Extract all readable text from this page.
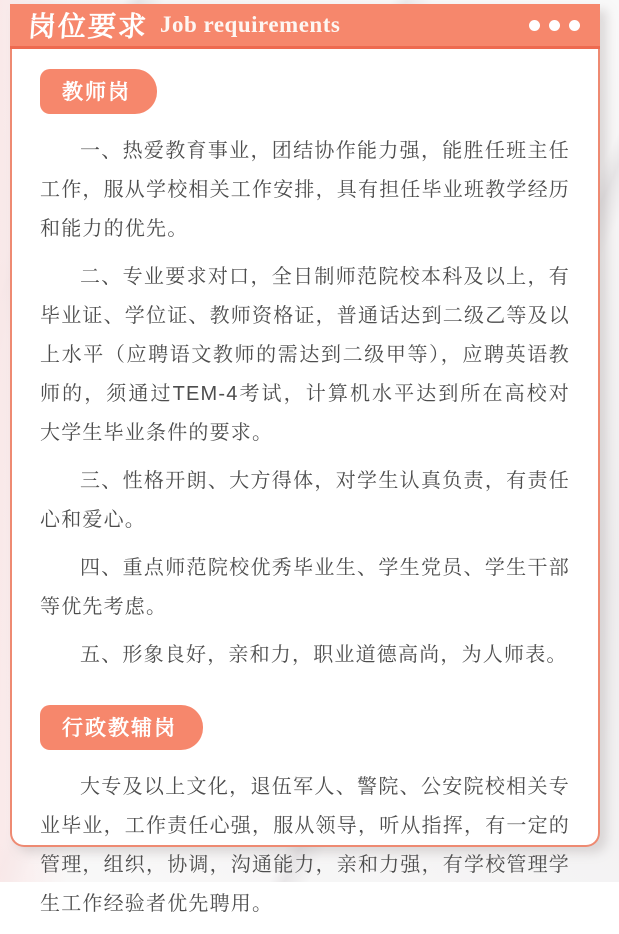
岗位要求 Job requirements
教师岗

一、热爱教育事业，团结协作能力强，能胜任班主任工作，服从学校相关工作安排，具有担任毕业班教学经历和能力的优先。

二、专业要求对口，全日制师范院校本科及以上，有毕业证、学位证、教师资格证，普通话达到二级乙等及以上水平（应聘语文教师的需达到二级甲等），应聘英语教师的，须通过TEM-4考试，计算机水平达到所在高校对大学生毕业条件的要求。

三、性格开朗、大方得体，对学生认真负责，有责任心和爱心。

四、重点师范院校优秀毕业生、学生党员、学生干部等优先考虑。

五、形象良好，亲和力，职业道德高尚，为人师表。

行政教辅岗

大专及以上文化，退伍军人、警院、公安院校相关专业毕业，工作责任心强，服从领导，听从指挥，有一定的管理，组织，协调，沟通能力，亲和力强，有学校管理学生工作经验者优先聘用。
